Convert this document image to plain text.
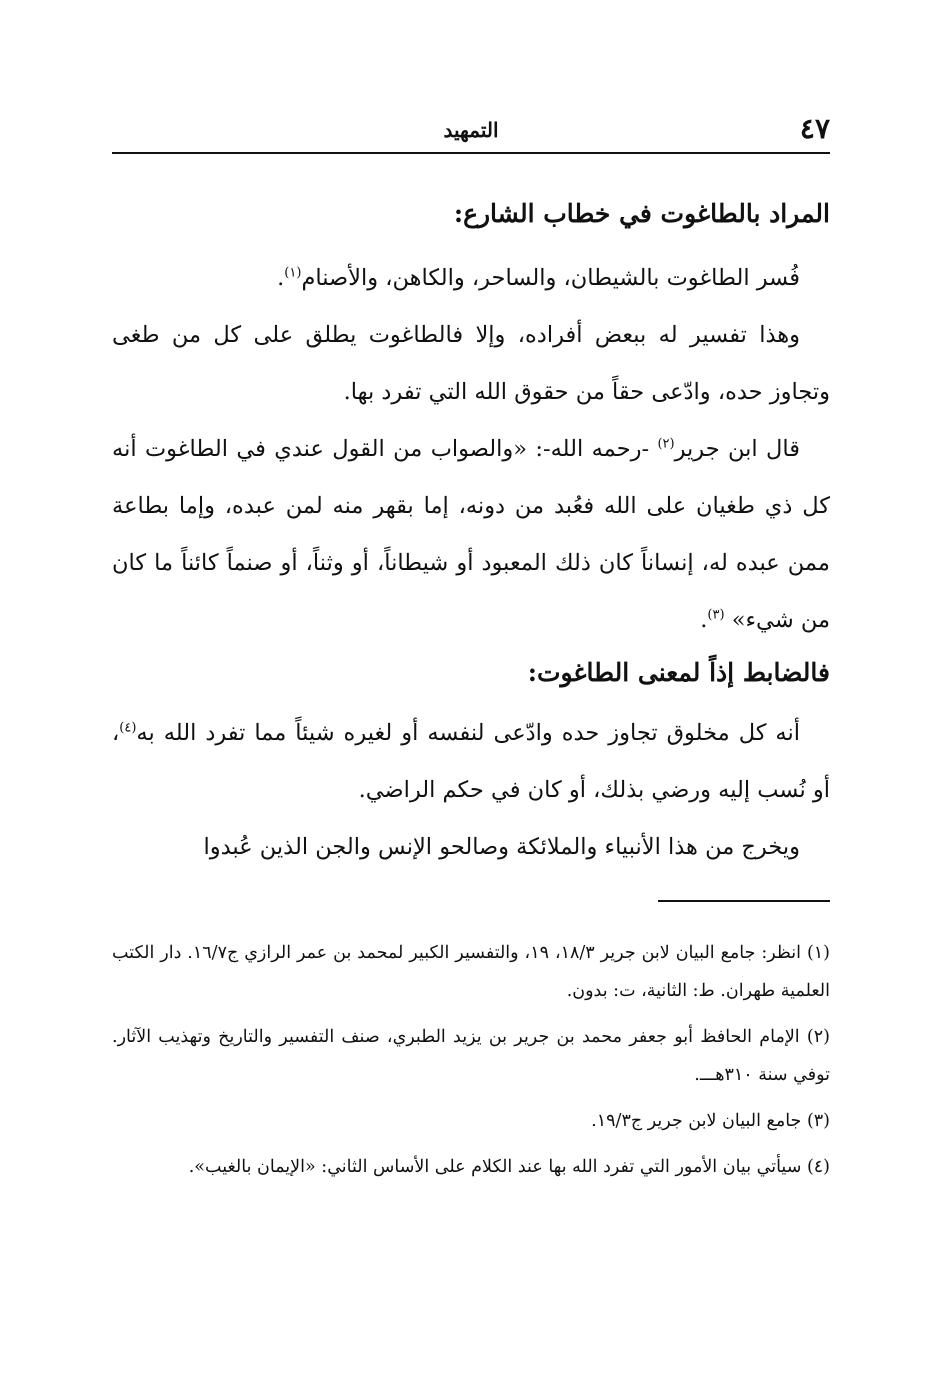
٤٧
التمهيد
المراد بالطاغوت في خطاب الشارع:

فُسر الطاغوت بالشيطان، والساحر، والكاهن، والأصنام$^{(١)}$.

وهذا تفسير له ببعض أفراده، وإلا فالطاغوت يطلق على كل من طغى وتجاوز حده، وادّعى حقاً من حقوق الله التي تفرد بها.

قال ابن جرير$^{(٢)}$ -رحمه الله-: «والصواب من القول عندي في الطاغوت أنه كل ذي طغيان على الله فعُبد من دونه، إما بقهر منه لمن عبده، وإما بطاعة ممن عبده له، إنساناً كان ذلك المعبود أو شيطاناً، أو وثناً، أو صنماً كائناً ما كان من شيء» $^{(٣)}$.

فالضابط إذاً لمعنى الطاغوت:

أنه كل مخلوق تجاوز حده وادّعى لنفسه أو لغيره شيئاً مما تفرد الله به$^{(٤)}$، أو نُسب إليه ورضي بذلك، أو كان في حكم الراضي.

ويخرج من هذا الأنبياء والملائكة وصالحو الإنس والجن الذين عُبدوا

(١) انظر: جامع البيان لابن جرير ١٨/٣، ١٩، والتفسير الكبير لمحمد بن عمر الرازي ج١٦/٧. دار الكتب العلمية طهران. ط: الثانية، ت: بدون.

(٢) الإمام الحافظ أبو جعفر محمد بن جرير بن يزيد الطبري، صنف التفسير والتاريخ وتهذيب الآثار. توفي سنة ٣١٠هـــ.

(٣) جامع البيان لابن جرير ج١٩/٣.

(٤) سيأتي بيان الأمور التي تفرد الله بها عند الكلام على الأساس الثاني: «الإيمان بالغيب».
